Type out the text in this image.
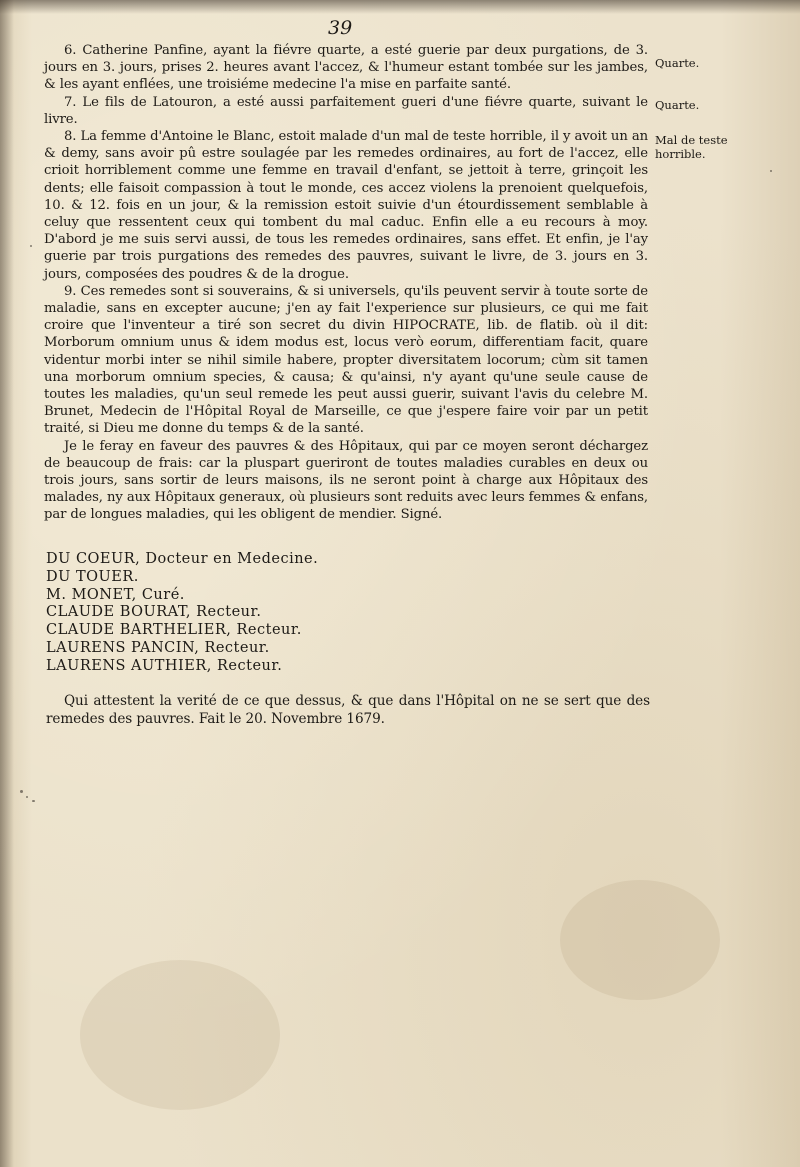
39
Quarte.
Quarte.
Mal de teste horrible.

6. Catherine Panfine, ayant la fiévre quarte, a esté guerie par deux purgations, de 3. jours en 3. jours, prises 2. heures avant l'accez, & l'humeur estant tombée sur les jambes, & les ayant enflées, une troisiéme medecine l'a mise en parfaite santé.

7. Le fils de Latouron, a esté aussi parfaitement gueri d'une fiévre quarte, suivant le livre.

8. La femme d'Antoine le Blanc, estoit malade d'un mal de teste horrible, il y avoit un an & demy, sans avoir pû estre soulagée par les remedes ordinaires, au fort de l'accez, elle crioit horriblement comme une femme en travail d'enfant, se jettoit à terre, grinçoit les dents; elle faisoit compassion à tout le monde, ces accez violens la prenoient quelquefois, 10. & 12. fois en un jour, & la remission estoit suivie d'un étourdissement semblable à celuy que ressentent ceux qui tombent du mal caduc. Enfin elle a eu recours à moy. D'abord je me suis servi aussi, de tous les remedes ordinaires, sans effet. Et enfin, je l'ay guerie par trois purgations des remedes des pauvres, suivant le livre, de 3. jours en 3. jours, composées des poudres & de la drogue.

9. Ces remedes sont si souverains, & si universels, qu'ils peuvent servir à toute sorte de maladie, sans en excepter aucune; j'en ay fait l'experience sur plusieurs, ce qui me fait croire que l'inventeur a tiré son secret du divin HIPOCRATE, lib. de flatib. où il dit: Morborum omnium unus & idem modus est, locus verò eorum, differentiam facit, quare videntur morbi inter se nihil simile habere, propter diversitatem locorum; cùm sit tamen una morborum omnium species, & causa; & qu'ainsi, n'y ayant qu'une seule cause de toutes les maladies, qu'un seul remede les peut aussi guerir, suivant l'avis du celebre M. Brunet, Medecin de l'Hôpital Royal de Marseille, ce que j'espere faire voir par un petit traité, si Dieu me donne du temps & de la santé.

Je le feray en faveur des pauvres & des Hôpitaux, qui par ce moyen seront déchargez de beaucoup de frais: car la pluspart gueriront de toutes maladies curables en deux ou trois jours, sans sortir de leurs maisons, ils ne seront point à charge aux Hôpitaux des malades, ny aux Hôpitaux generaux, où plusieurs sont reduits avec leurs femmes & enfans, par de longues maladies, qui les obligent de mendier. Signé.

DU COEUR, Docteur en Medecine.
DU TOUER.
M. MONET, Curé.
CLAUDE BOURAT, Recteur.
CLAUDE BARTHELIER, Recteur.
LAURENS PANCIN, Recteur.
LAURENS AUTHIER, Recteur.

Qui attestent la verité de ce que dessus, & que dans l'Hôpital on ne se sert que des remedes des pauvres. Fait le 20. Novembre 1679.
